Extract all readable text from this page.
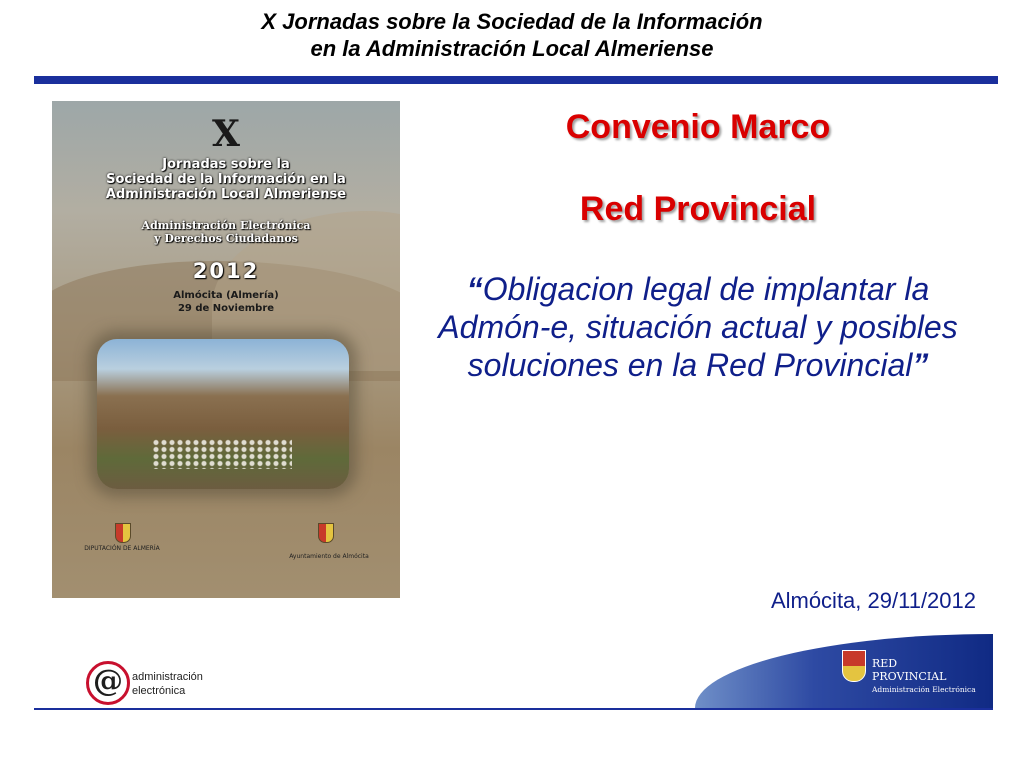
X Jornadas sobre la Sociedad de la Información
en la Administración Local Almeriense
X
Jornadas sobre la
Sociedad de la Información en la
Administración Local Almeriense
Administración Electrónica
y Derechos Ciudadanos
2012
Almócita (Almería)
29 de Noviembre
DIPUTACIÓN DE ALMERÍA
Ayuntamiento de Almócita
Convenio Marco
Red Provincial
“Obligacion legal de implantar la Admón-e, situación actual y posibles soluciones en la Red Provincial”
Almócita, 29/11/2012
@ administración
electrónica
RED
PROVINCIAL
Administración Electrónica
